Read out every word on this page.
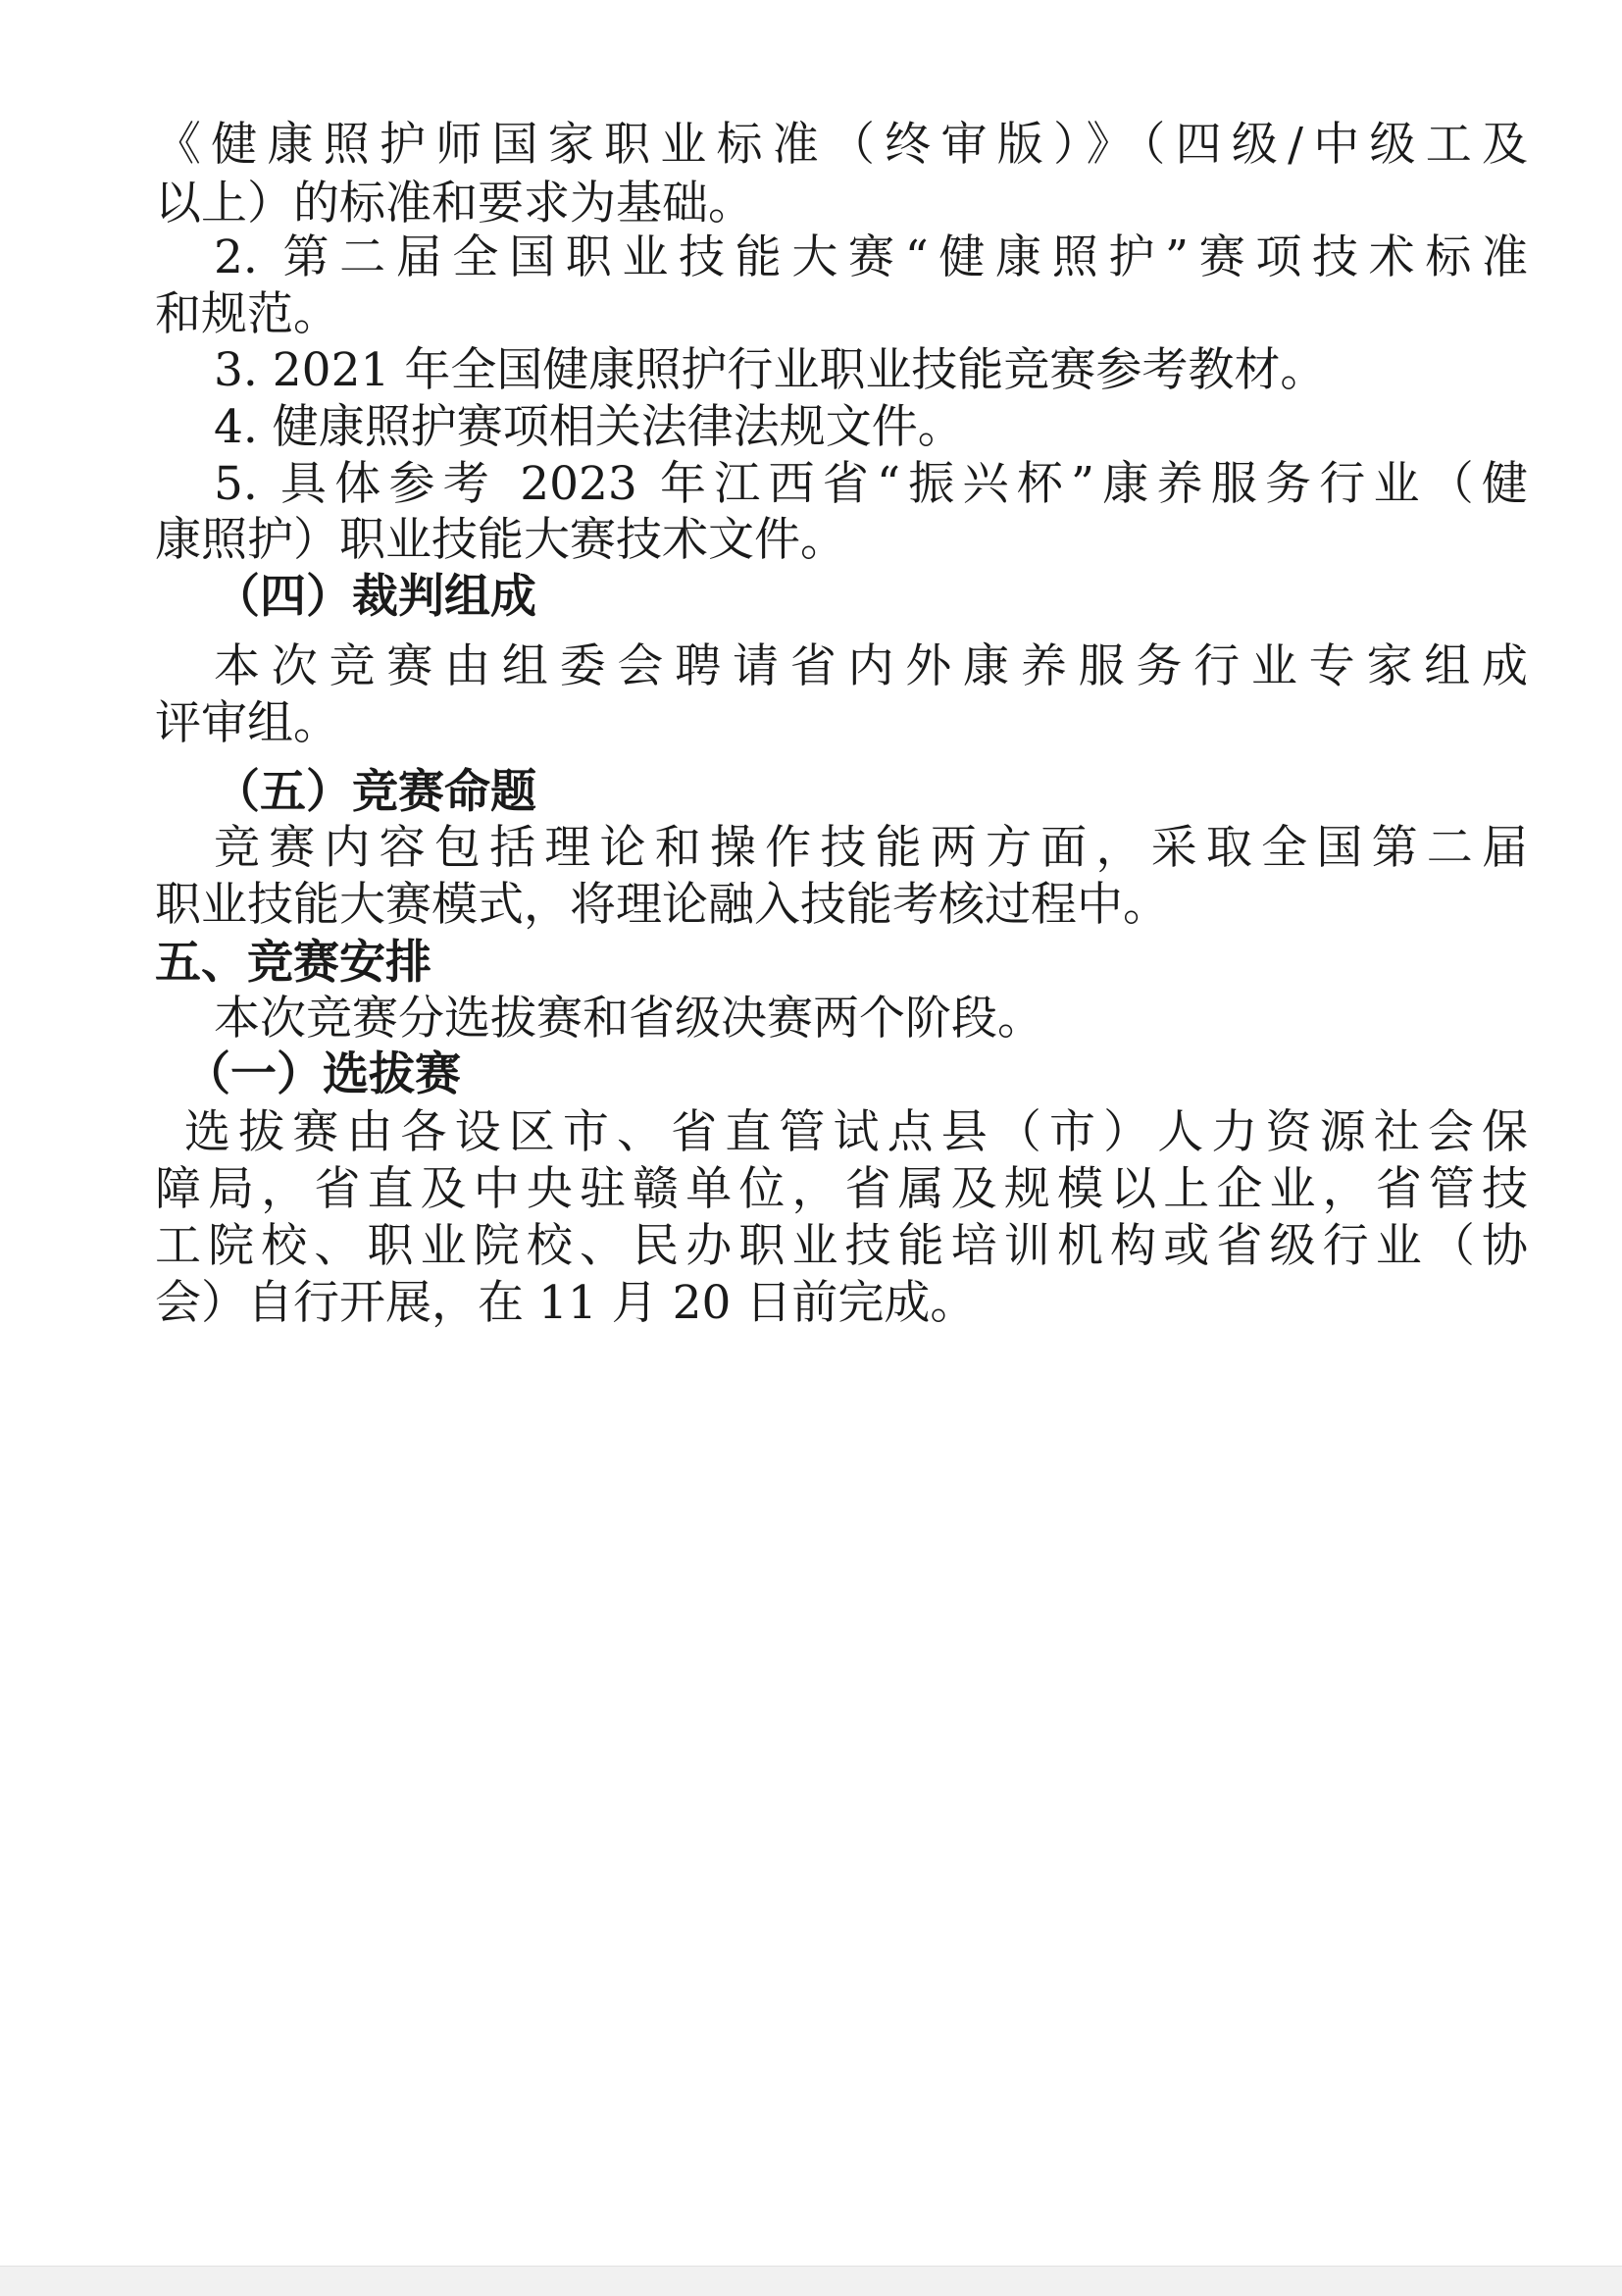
《健康照护师国家职业标准（终审版）》（四级/中级工及
以上）的标准和要求为基础。
2. 第二届全国职业技能大赛“健康照护”赛项技术标准
和规范。
3. 2021 年全国健康照护行业职业技能竞赛参考教材。
4. 健康照护赛项相关法律法规文件。
5. 具体参考 2023 年江西省“振兴杯”康养服务行业（健
康照护）职业技能大赛技术文件。
（四）裁判组成
本次竞赛由组委会聘请省内外康养服务行业专家组成
评审组。
（五）竞赛命题
竞赛内容包括理论和操作技能两方面，采取全国第二届
职业技能大赛模式，将理论融入技能考核过程中。
五、竞赛安排
本次竞赛分选拔赛和省级决赛两个阶段。
（一）选拔赛
选拔赛由各设区市、省直管试点县（市）人力资源社会保
障局，省直及中央驻赣单位，省属及规模以上企业，省管技
工院校、职业院校、民办职业技能培训机构或省级行业（协
会）自行开展，在 11 月 20 日前完成。
